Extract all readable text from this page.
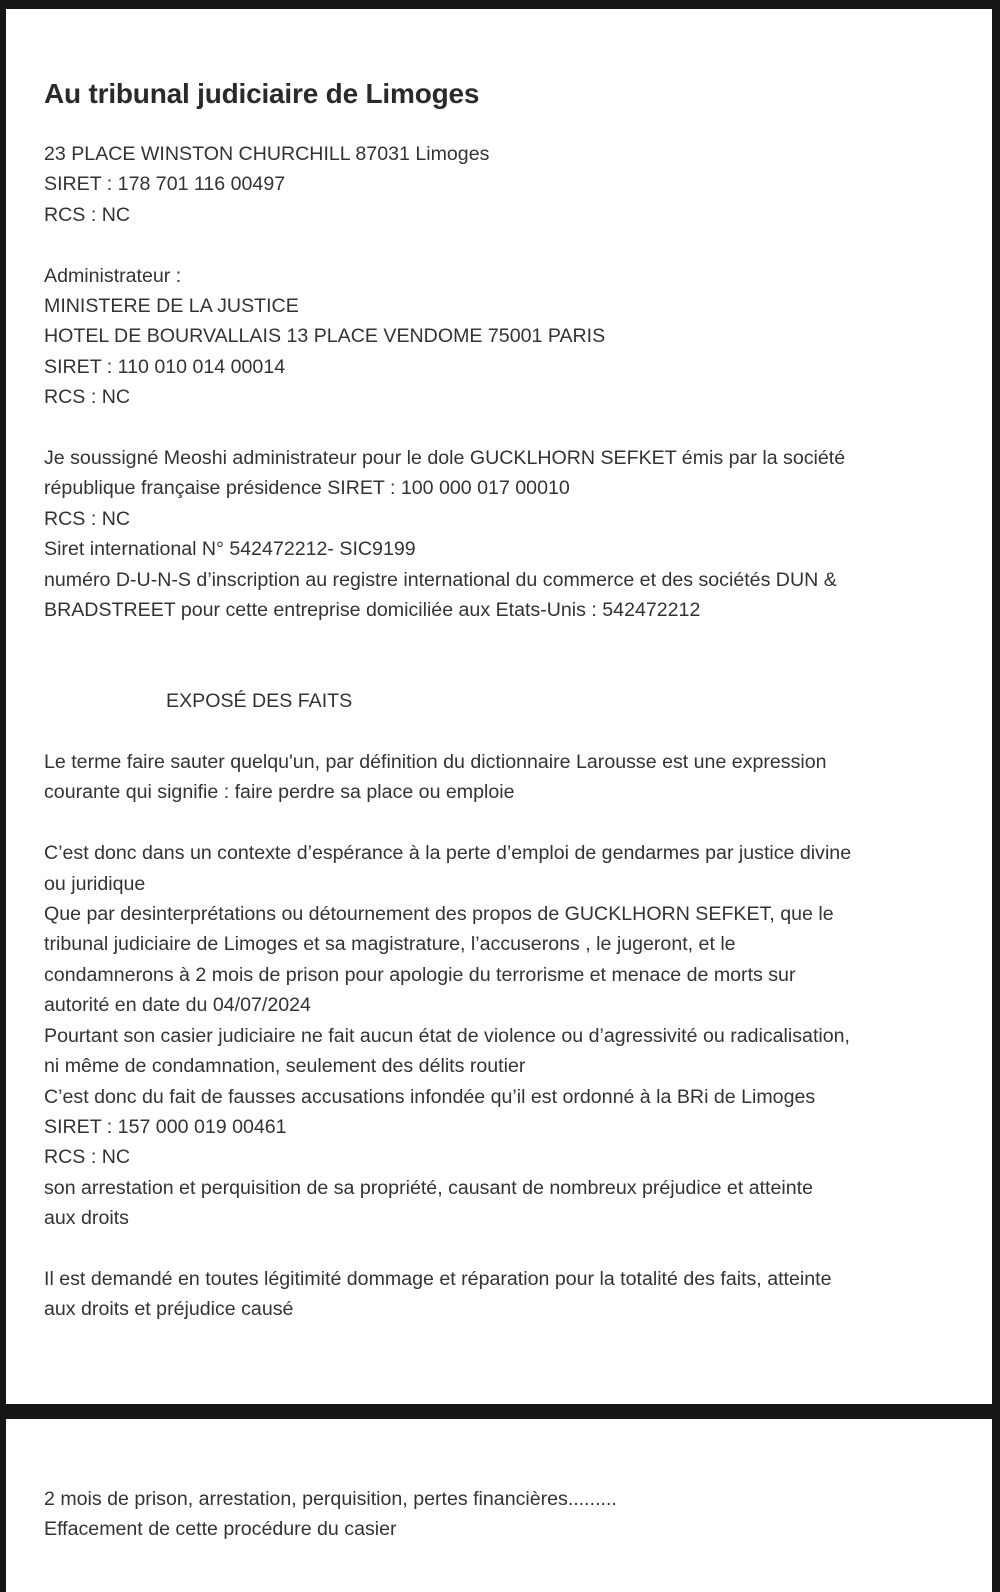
Au tribunal judiciaire de Limoges
23 PLACE WINSTON CHURCHILL 87031 Limoges
SIRET : 178 701 116 00497
RCS : NC
Administrateur :
MINISTERE DE LA JUSTICE
HOTEL DE BOURVALLAIS 13 PLACE VENDOME 75001 PARIS
SIRET : 110 010 014 00014
RCS : NC
Je soussigné Meoshi administrateur pour le dole GUCKLHORN SEFKET émis par la société
république française présidence SIRET : 100 000 017 00010
RCS : NC
Siret international N° 542472212- SIC9199
numéro D-U-N-S d’inscription au registre international du commerce et des sociétés DUN &
BRADSTREET pour cette entreprise domiciliée aux Etats-Unis : 542472212
EXPOSÉ DES FAITS
Le terme faire sauter quelqu'un, par définition du dictionnaire Larousse est une expression
courante qui signifie : faire perdre sa place ou emploie
C’est donc dans un contexte d’espérance à la perte d’emploi de gendarmes par justice divine
ou juridique
Que par desinterprétations ou détournement des propos de GUCKLHORN SEFKET, que le
tribunal judiciaire de Limoges et sa magistrature, l’accuserons , le jugeront, et le
condamnerons à 2 mois de prison pour apologie du terrorisme et menace de morts sur
autorité en date du 04/07/2024
Pourtant son casier judiciaire ne fait aucun état de violence ou d’agressivité ou radicalisation,
ni même de condamnation, seulement des délits routier
C’est donc du fait de fausses accusations infondée qu’il est ordonné à la BRi de Limoges
SIRET : 157 000 019 00461
RCS : NC
son arrestation et perquisition de sa propriété, causant de nombreux préjudice et atteinte
aux droits
Il est demandé en toutes légitimité dommage et réparation pour la totalité des faits, atteinte
aux droits et préjudice causé
2 mois de prison, arrestation, perquisition, pertes financières.........
Effacement de cette procédure du casier
